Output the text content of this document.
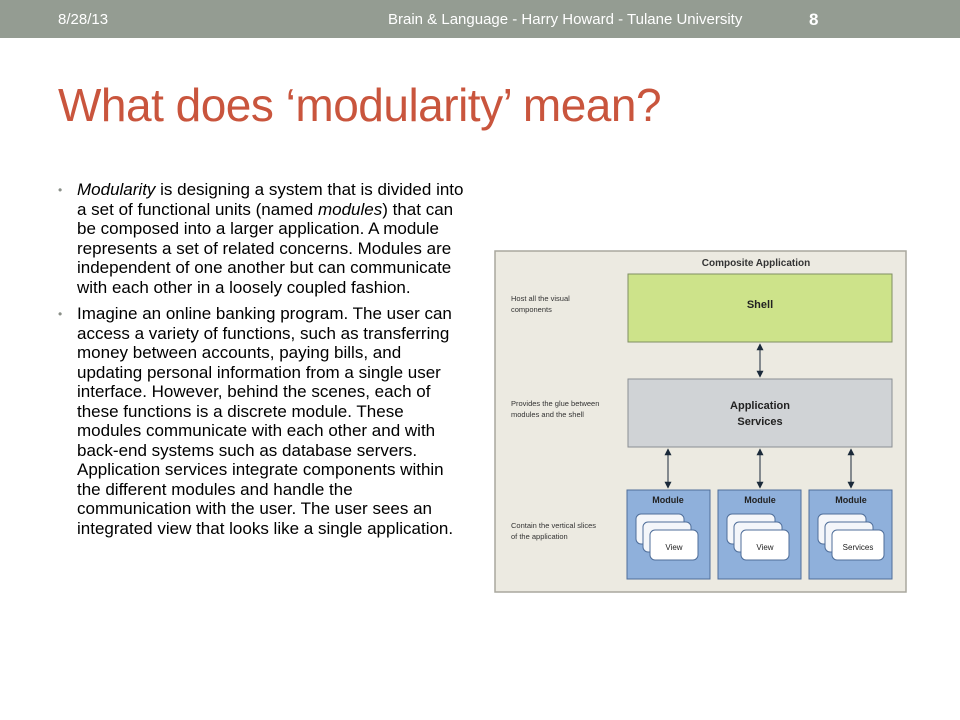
8/28/13	Brain & Language - Harry Howard - Tulane University	8
What does ‘modularity’ mean?
• Modularity is designing a system that is divided into a set of functional units (named modules) that can be composed into a larger application. A module represents a set of related concerns. Modules are independent of one another but can communicate with each other in a loosely coupled fashion.
• Imagine an online banking program. The user can access a variety of functions, such as transferring money between accounts, paying bills, and updating personal information from a single user interface. However, behind the scenes, each of these functions is a discrete module. These modules communicate with each other and with back-end systems such as database servers. Application services integrate components within the different modules and handle the communication with the user. The user sees an integrated view that looks like a single application.
Composite Application
Host all the visual
components
Provides the glue between
modules and the shell
Contain the vertical slices
of the application
Shell
Application
Services
Module
View
Module
View
Module
Services
